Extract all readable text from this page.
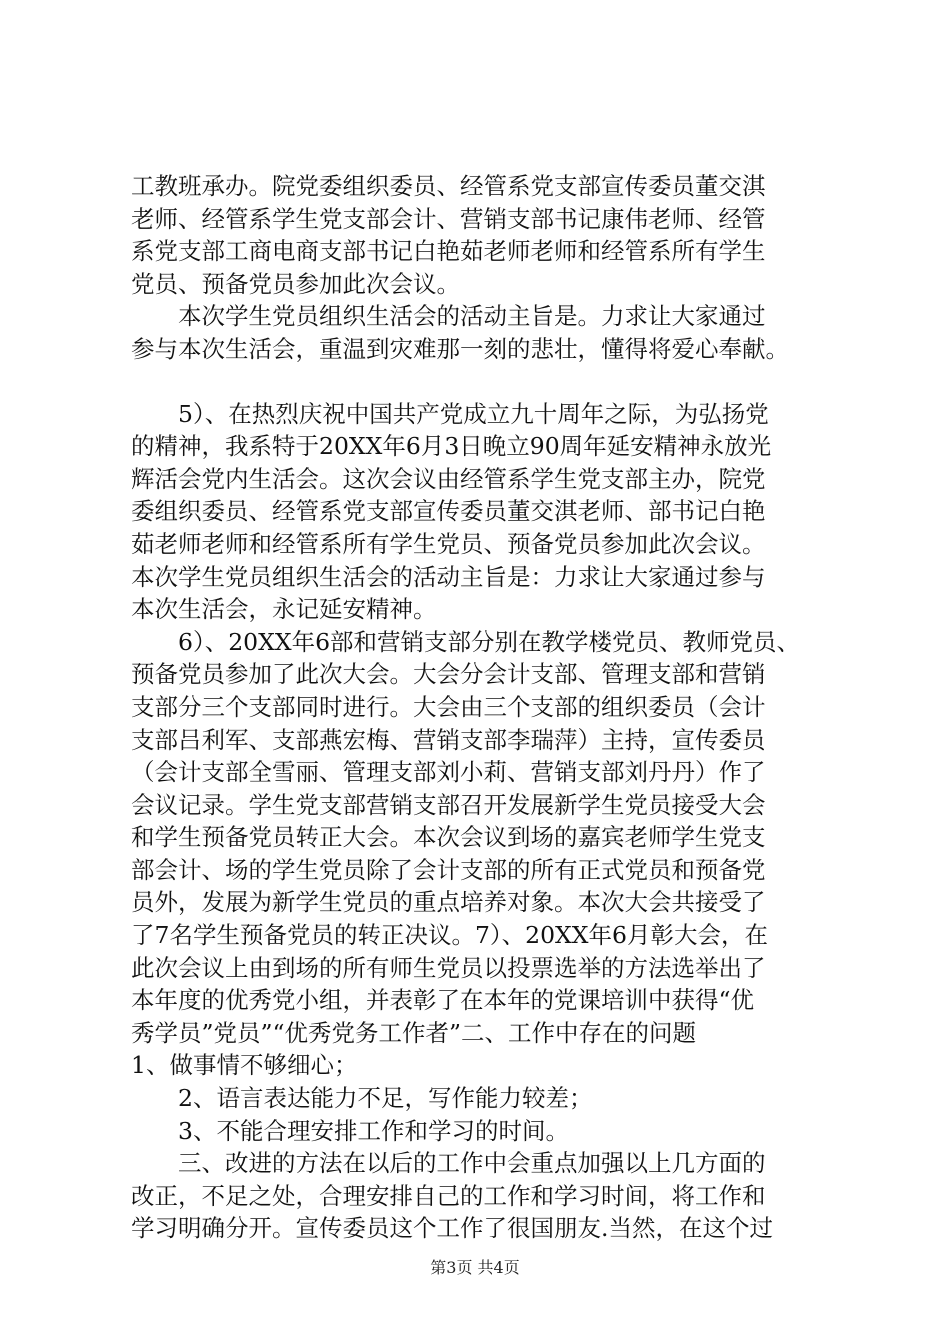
工教班承办。院党委组织委员、经管系党支部宣传委员董交淇
老师、经管系学生党支部会计、营销支部书记康伟老师、经管
系党支部工商电商支部书记白艳茹老师老师和经管系所有学生
党员、预备党员参加此次会议。
　　本次学生党员组织生活会的活动主旨是。力求让大家通过
参与本次生活会，重温到灾难那一刻的悲壮，懂得将爱心奉献。
　　5）、在热烈庆祝中国共产党成立九十周年之际，为弘扬党
的精神，我系特于20XX年6月3日晚立90周年延安精神永放光
辉活会党内生活会。这次会议由经管系学生党支部主办，院党
委组织委员、经管系党支部宣传委员董交淇老师、部书记白艳
茹老师老师和经管系所有学生党员、预备党员参加此次会议。
本次学生党员组织生活会的活动主旨是：力求让大家通过参与
本次生活会，永记延安精神。
　　6）、20XX年6部和营销支部分别在教学楼党员、教师党员、
预备党员参加了此次大会。大会分会计支部、管理支部和营销
支部分三个支部同时进行。大会由三个支部的组织委员（会计
支部吕利军、支部燕宏梅、营销支部李瑞萍）主持，宣传委员
（会计支部全雪丽、管理支部刘小莉、营销支部刘丹丹）作了
会议记录。学生党支部营销支部召开发展新学生党员接受大会
和学生预备党员转正大会。本次会议到场的嘉宾老师学生党支
部会计、场的学生党员除了会计支部的所有正式党员和预备党
员外，发展为新学生党员的重点培养对象。本次大会共接受了
了7名学生预备党员的转正决议。7）、20XX年6月彰大会，在
此次会议上由到场的所有师生党员以投票选举的方法选举出了
本年度的优秀党小组，并表彰了在本年的党课培训中获得“优
秀学员”党员”“优秀党务工作者”二、工作中存在的问题
1、做事情不够细心；
　　2、语言表达能力不足，写作能力较差；
　　3、不能合理安排工作和学习的时间。
　　三、改进的方法在以后的工作中会重点加强以上几方面的
改正，不足之处，合理安排自己的工作和学习时间，将工作和
学习明确分开。宣传委员这个工作了很国朋友.当然，在这个过
第3页 共4页
